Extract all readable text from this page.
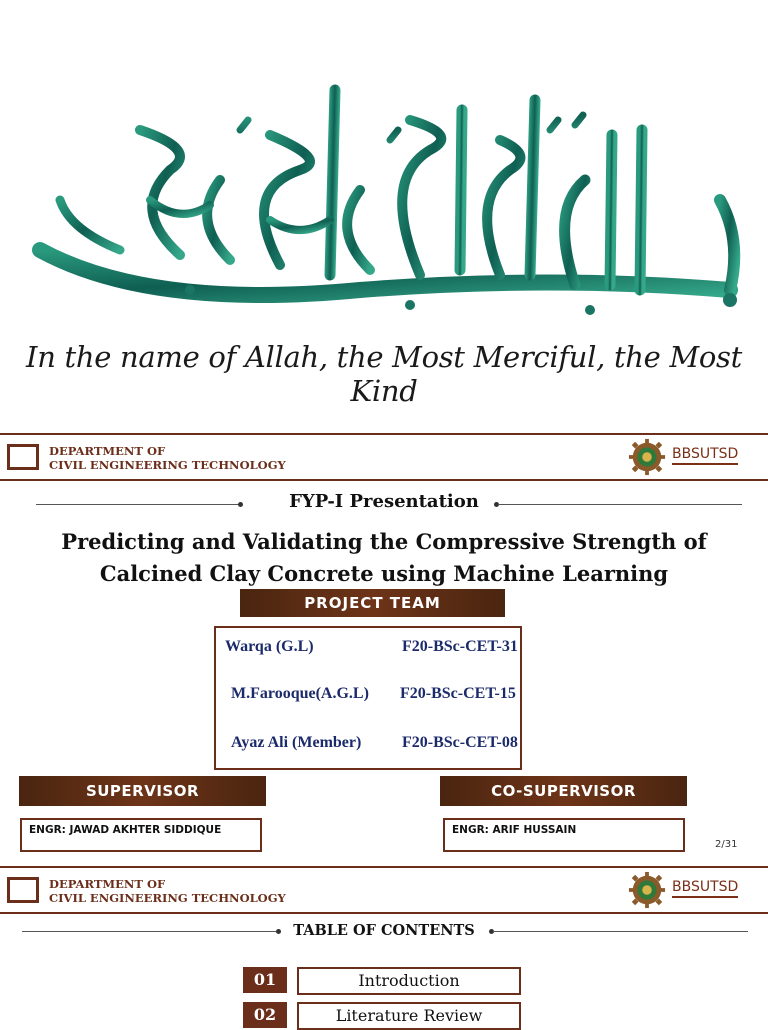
In the name of Allah, the Most Merciful, the Most Kind
DEPARTMENT OF
CIVIL ENGINEERING TECHNOLOGY
BBSUTSD
FYP-I Presentation
Predicting and Validating the Compressive Strength of Calcined Clay Concrete using Machine Learning
PROJECT TEAM
Warqa (G.L)	F20-BSc-CET-31
M.Farooque(A.G.L) F20-BSc-CET-15
Ayaz Ali (Member)	F20-BSc-CET-08
SUPERVISOR	CO-SUPERVISOR
ENGR: JAWAD AKHTER SIDDIQUE	ENGR: ARIF HUSSAIN
2/31
DEPARTMENT OF
CIVIL ENGINEERING TECHNOLOGY
BBSUTSD
TABLE OF CONTENTS
01	Introduction
02	Literature Review
